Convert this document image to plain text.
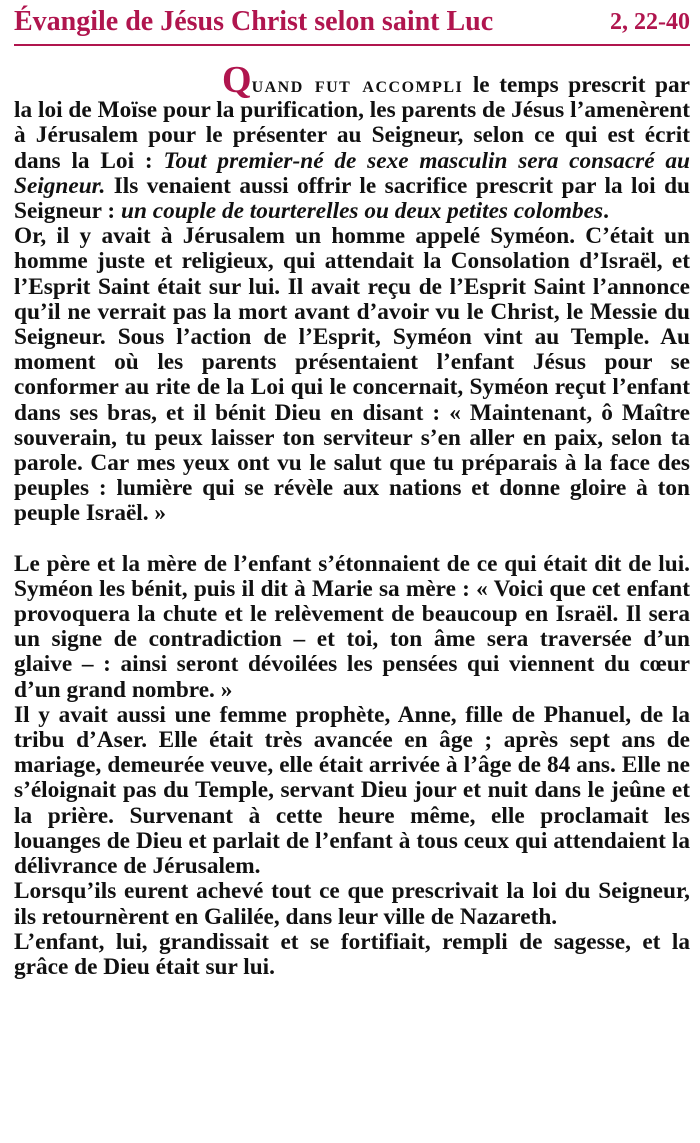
Évangile de Jésus Christ selon saint Luc	2, 22-40

Quand fut accompli le temps prescrit par la loi de Moïse pour la purification, les parents de Jésus l’amenèrent à Jérusalem pour le présenter au Seigneur, selon ce qui est écrit dans la Loi : Tout premier-né de sexe masculin sera consacré au Seigneur. Ils venaient aussi offrir le sacrifice prescrit par la loi du Seigneur : un couple de tourterelles ou deux petites colombes.

Or, il y avait à Jérusalem un homme appelé Syméon. C’était un homme juste et religieux, qui attendait la Consolation d’Israël, et l’Esprit Saint était sur lui. Il avait reçu de l’Esprit Saint l’annonce qu’il ne verrait pas la mort avant d’avoir vu le Christ, le Messie du Seigneur. Sous l’action de l’Esprit, Syméon vint au Temple. Au moment où les parents présentaient l’enfant Jésus pour se conformer au rite de la Loi qui le concernait, Syméon reçut l’enfant dans ses bras, et il bénit Dieu en disant : « Maintenant, ô Maître souverain, tu peux laisser ton serviteur s’en aller en paix, selon ta parole. Car mes yeux ont vu le salut que tu préparais à la face des peuples : lumière qui se révèle aux nations et donne gloire à ton peuple Israël. »

Le père et la mère de l’enfant s’étonnaient de ce qui était dit de lui. Syméon les bénit, puis il dit à Marie sa mère : « Voici que cet enfant provoquera la chute et le relèvement de beaucoup en Israël. Il sera un signe de contradiction – et toi, ton âme sera traversée d’un glaive – : ainsi seront dévoilées les pensées qui viennent du cœur d’un grand nombre. »

Il y avait aussi une femme prophète, Anne, fille de Phanuel, de la tribu d’Aser. Elle était très avancée en âge ; après sept ans de mariage, demeurée veuve, elle était arrivée à l’âge de 84 ans. Elle ne s’éloignait pas du Temple, servant Dieu jour et nuit dans le jeûne et la prière. Survenant à cette heure même, elle proclamait les louanges de Dieu et parlait de l’enfant à tous ceux qui attendaient la délivrance de Jérusalem.

Lorsqu’ils eurent achevé tout ce que prescrivait la loi du Seigneur, ils retournèrent en Galilée, dans leur ville de Nazareth.

L’enfant, lui, grandissait et se fortifiait, rempli de sagesse, et la grâce de Dieu était sur lui.
